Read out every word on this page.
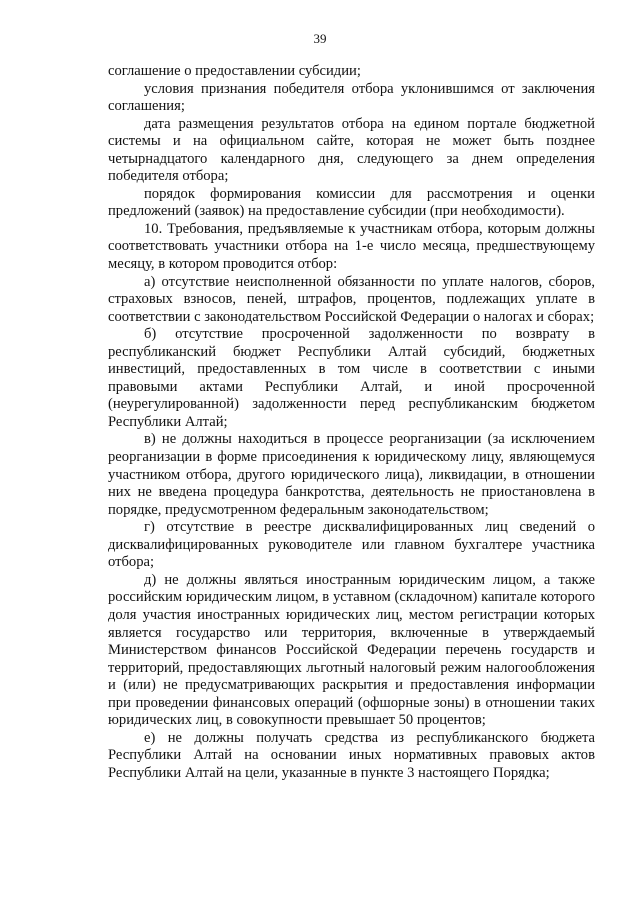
39

соглашение о предоставлении субсидии;

условия признания победителя отбора уклонившимся от заключения соглашения;

дата размещения результатов отбора на едином портале бюджетной системы и на официальном сайте, которая не может быть позднее четырнадцатого календарного дня, следующего за днем определения победителя отбора;

порядок формирования комиссии для рассмотрения и оценки предложений (заявок) на предоставление субсидии (при необходимости).

10. Требования, предъявляемые к участникам отбора, которым должны соответствовать участники отбора на 1-е число месяца, предшествующему месяцу, в котором проводится отбор:

а) отсутствие неисполненной обязанности по уплате налогов, сборов, страховых взносов, пеней, штрафов, процентов, подлежащих уплате в соответствии с законодательством Российской Федерации о налогах и сборах;

б) отсутствие просроченной задолженности по возврату в республиканский бюджет Республики Алтай субсидий, бюджетных инвестиций, предоставленных в том числе в соответствии с иными правовыми актами Республики Алтай, и иной просроченной (неурегулированной) задолженности перед республиканским бюджетом Республики Алтай;

в) не должны находиться в процессе реорганизации (за исключением реорганизации в форме присоединения к юридическому лицу, являющемуся участником отбора, другого юридического лица), ликвидации, в отношении них не введена процедура банкротства, деятельность не приостановлена в порядке, предусмотренном федеральным законодательством;

г) отсутствие в реестре дисквалифицированных лиц сведений о дисквалифицированных руководителе или главном бухгалтере участника отбора;

д) не должны являться иностранным юридическим лицом, а также российским юридическим лицом, в уставном (складочном) капитале которого доля участия иностранных юридических лиц, местом регистрации которых является государство или территория, включенные в утверждаемый Министерством финансов Российской Федерации перечень государств и территорий, предоставляющих льготный налоговый режим налогообложения и (или) не предусматривающих раскрытия и предоставления информации при проведении финансовых операций (офшорные зоны) в отношении таких юридических лиц, в совокупности превышает 50 процентов;

е) не должны получать средства из республиканского бюджета Республики Алтай на основании иных нормативных правовых актов Республики Алтай на цели, указанные в пункте 3 настоящего Порядка;
